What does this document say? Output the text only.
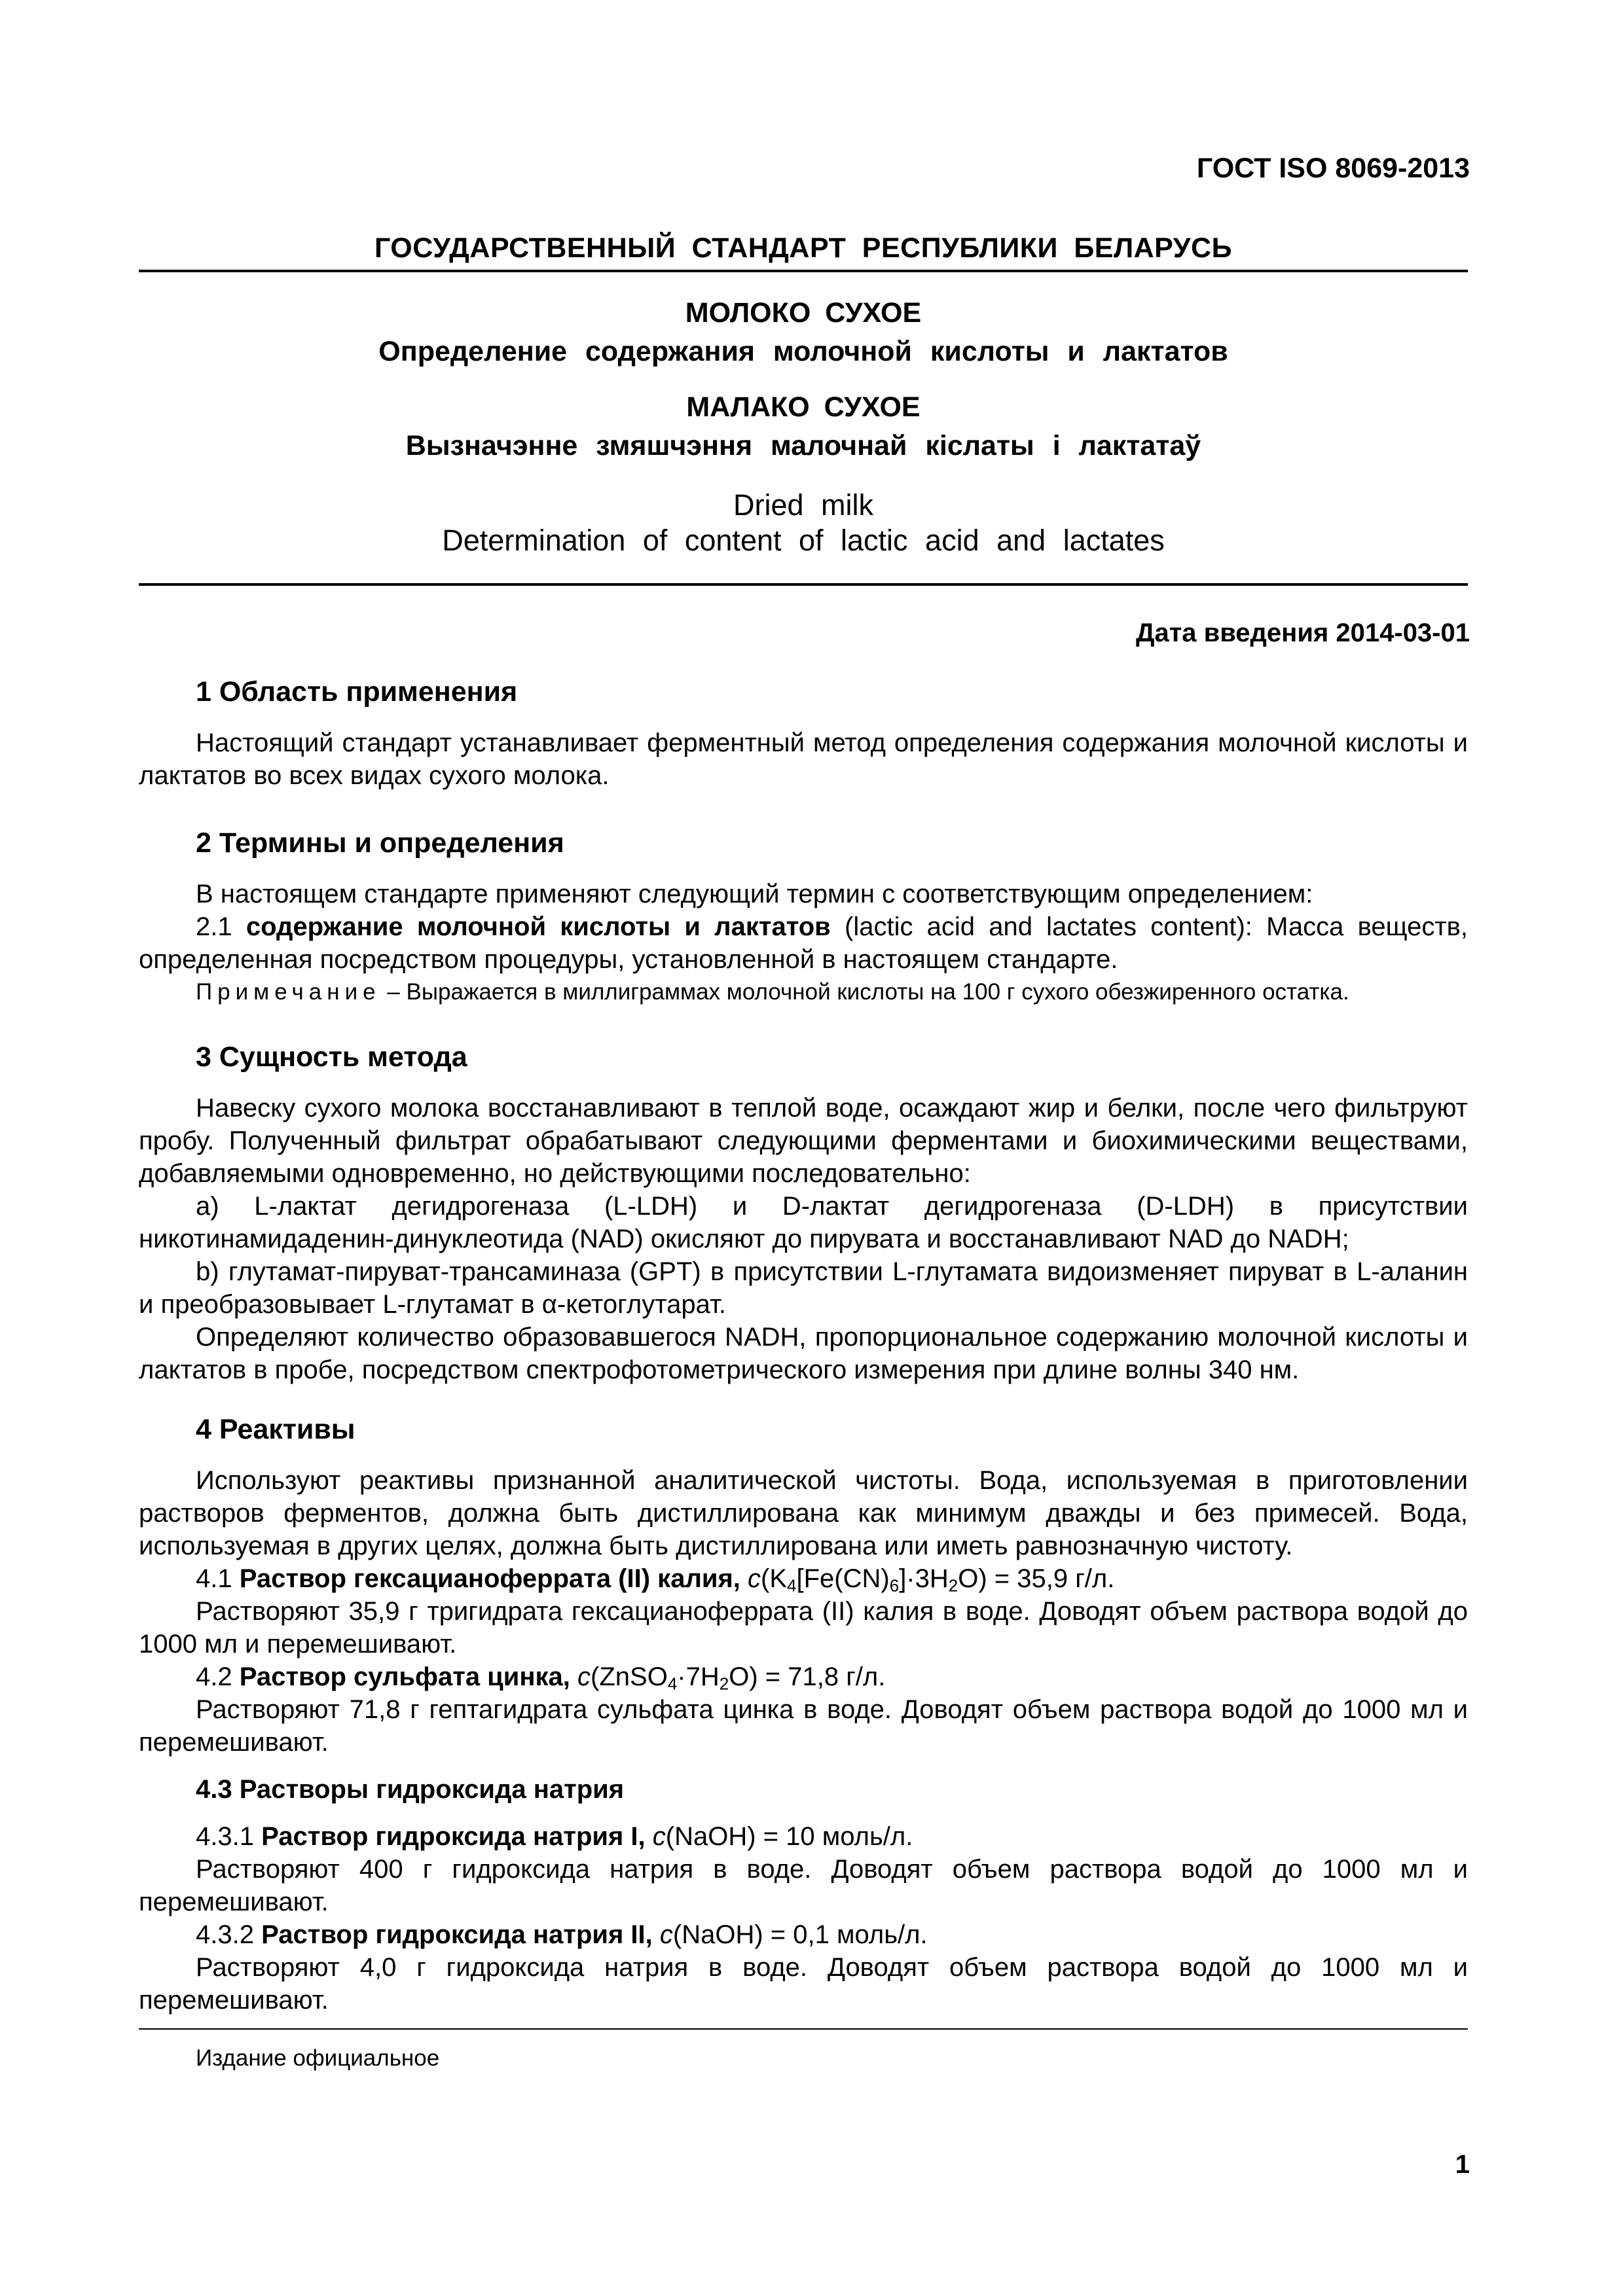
ГОСТ ISO 8069-2013
ГОСУДАРСТВЕННЫЙ СТАНДАРТ РЕСПУБЛИКИ БЕЛАРУСЬ
МОЛОКО СУХОЕ
Определение содержания молочной кислоты и лактатов
МАЛАКО СУХОЕ
Вызначэнне змяшчэння малочнай кіслаты і лактатаў
Dried milk
Determination of content of lactic acid and lactates
Дата введения 2014-03-01
1 Область применения

Настоящий стандарт устанавливает ферментный метод определения содержания молочной кислоты и лактатов во всех видах сухого молока.

2 Термины и определения

В настоящем стандарте применяют следующий термин с соответствующим определением:

2.1 содержание молочной кислоты и лактатов (lactic acid and lactates content): Масса веществ, определенная посредством процедуры, установленной в настоящем стандарте.

Примечание – Выражается в миллиграммах молочной кислоты на 100 г сухого обезжиренного остатка.

3 Сущность метода

Навеску сухого молока восстанавливают в теплой воде, осаждают жир и белки, после чего фильтруют пробу. Полученный фильтрат обрабатывают следующими ферментами и биохимическими веществами, добавляемыми одновременно, но действующими последовательно:

a) L-лактат дегидрогеназа (L-LDH) и D-лактат дегидрогеназа (D-LDH) в присутствии никотинамидаденин-динуклеотида (NAD) окисляют до пирувата и восстанавливают NAD до NADH;

b) глутамат-пируват-трансаминаза (GPT) в присутствии L-глутамата видоизменяет пируват в L-аланин и преобразовывает L-глутамат в α-кетоглутарат.

Определяют количество образовавшегося NADH, пропорциональное содержанию молочной кислоты и лактатов в пробе, посредством спектрофотометрического измерения при длине волны 340 нм.

4 Реактивы

Используют реактивы признанной аналитической чистоты. Вода, используемая в приготовлении растворов ферментов, должна быть дистиллирована как минимум дважды и без примесей. Вода, используемая в других целях, должна быть дистиллирована или иметь равнозначную чистоту.

4.1 Раствор гексацианоферрата (II) калия, $c(K_4[Fe(CN)_6]\cdot 3H_2O) = 35,9$ г/л.

Растворяют 35,9 г тригидрата гексацианоферрата (II) калия в воде. Доводят объем раствора водой до 1000 мл и перемешивают.

4.2 Раствор сульфата цинка, $c(ZnSO_4\cdot 7H_2O) = 71,8$ г/л.

Растворяют 71,8 г гептагидрата сульфата цинка в воде. Доводят объем раствора водой до 1000 мл и перемешивают.

4.3 Растворы гидроксида натрия

4.3.1 Раствор гидроксида натрия I, c(NaOH) = 10 моль/л.

Растворяют 400 г гидроксида натрия в воде. Доводят объем раствора водой до 1000 мл и перемешивают.

4.3.2 Раствор гидроксида натрия II, c(NaOH) = 0,1 моль/л.

Растворяют 4,0 г гидроксида натрия в воде. Доводят объем раствора водой до 1000 мл и перемешивают.

Издание официальное
1
